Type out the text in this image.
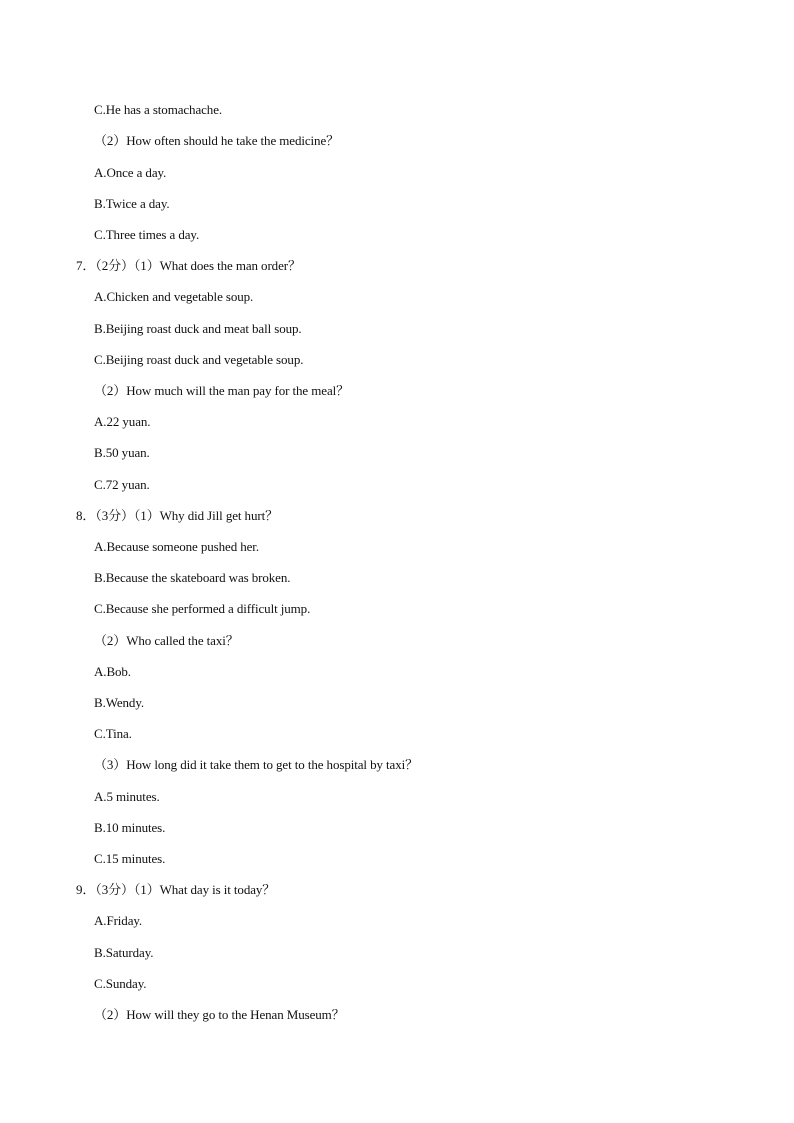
C.He has a stomachache.
（2）How often should he take the medicine？
A.Once a day.
B.Twice a day.
C.Three times a day.
7．（2分）（1）What does the man order？
A.Chicken and vegetable soup.
B.Beijing roast duck and meat ball soup.
C.Beijing roast duck and vegetable soup.
（2）How much will the man pay for the meal？
A.22 yuan.
B.50 yuan.
C.72 yuan.
8．（3分）（1）Why did Jill get hurt？
A.Because someone pushed her.
B.Because the skateboard was broken.
C.Because she performed a difficult jump.
（2）Who called the taxi？
A.Bob.
B.Wendy.
C.Tina.
（3）How long did it take them to get to the hospital by taxi？
A.5 minutes.
B.10 minutes.
C.15 minutes.
9．（3分）（1）What day is it today？
A.Friday.
B.Saturday.
C.Sunday.
（2）How will they go to the Henan Museum？
